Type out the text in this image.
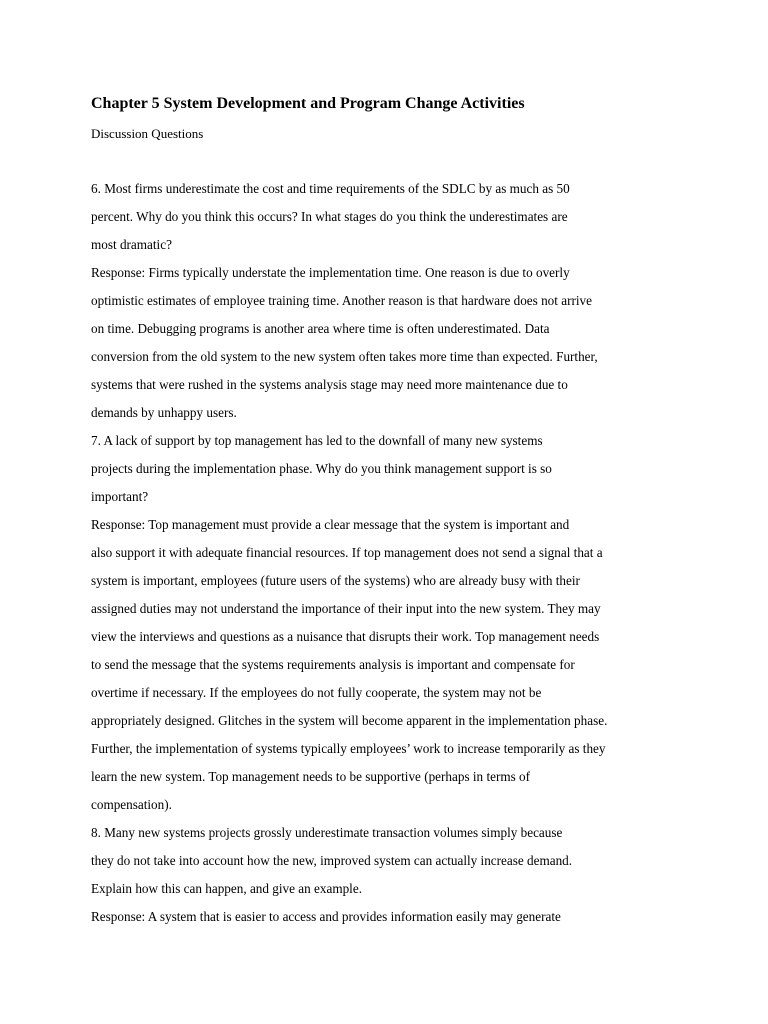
Chapter 5 System Development and Program Change Activities
Discussion Questions
6. Most firms underestimate the cost and time requirements of the SDLC by as much as 50
percent. Why do you think this occurs? In what stages do you think the underestimates are
most dramatic?
Response: Firms typically understate the implementation time. One reason is due to overly
optimistic estimates of employee training time. Another reason is that hardware does not arrive
on time. Debugging programs is another area where time is often underestimated. Data
conversion from the old system to the new system often takes more time than expected. Further,
systems that were rushed in the systems analysis stage may need more maintenance due to
demands by unhappy users.
7. A lack of support by top management has led to the downfall of many new systems
projects during the implementation phase. Why do you think management support is so
important?
Response: Top management must provide a clear message that the system is important and
also support it with adequate financial resources. If top management does not send a signal that a
system is important, employees (future users of the systems) who are already busy with their
assigned duties may not understand the importance of their input into the new system. They may
view the interviews and questions as a nuisance that disrupts their work. Top management needs
to send the message that the systems requirements analysis is important and compensate for
overtime if necessary. If the employees do not fully cooperate, the system may not be
appropriately designed. Glitches in the system will become apparent in the implementation phase.
Further, the implementation of systems typically employees’ work to increase temporarily as they
learn the new system. Top management needs to be supportive (perhaps in terms of
compensation).
8. Many new systems projects grossly underestimate transaction volumes simply because
they do not take into account how the new, improved system can actually increase demand.
Explain how this can happen, and give an example.
Response: A system that is easier to access and provides information easily may generate
